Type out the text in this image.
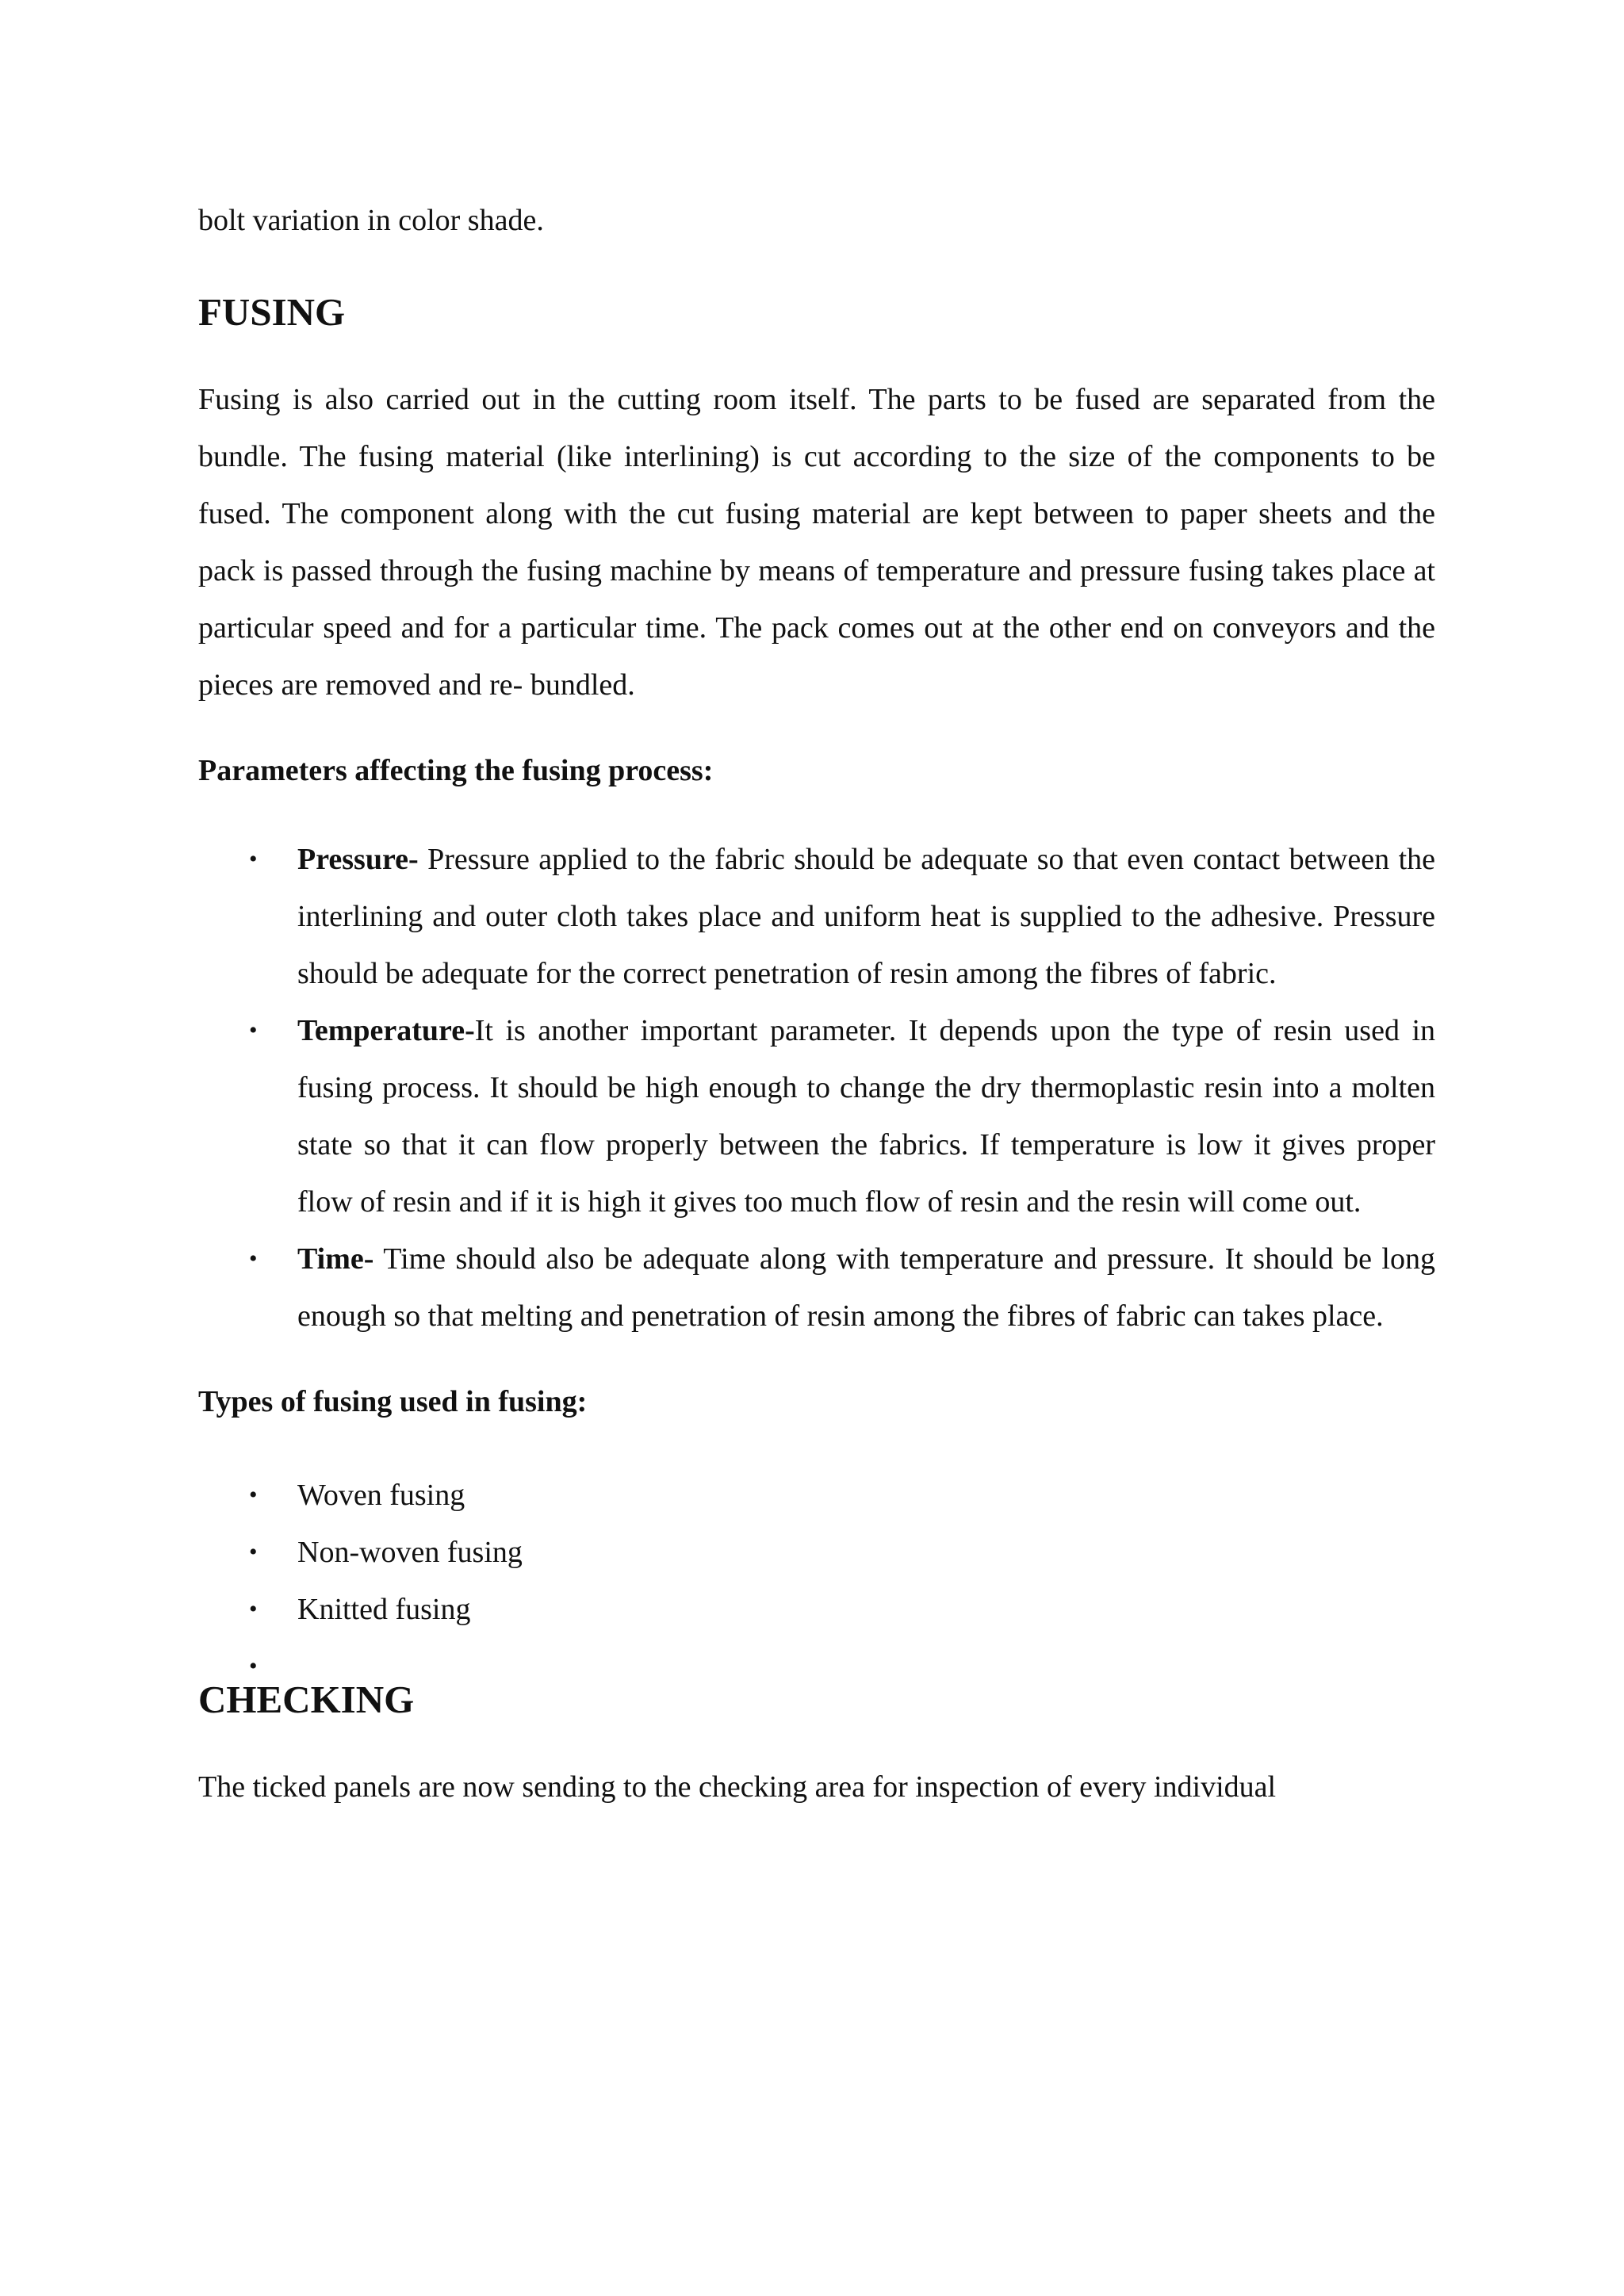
bolt variation in color shade.

FUSING

Fusing is also carried out in the cutting room itself. The parts to be fused are separated from the bundle. The fusing material (like interlining) is cut according to the size of the components to be fused. The component along with the cut fusing material are kept between to paper sheets and the pack is passed through the fusing machine by means of temperature and pressure fusing takes place at particular speed and for a particular time. The pack comes out at the other end on conveyors and the pieces are removed and re- bundled.

Parameters affecting the fusing process:
• Pressure- Pressure applied to the fabric should be adequate so that even contact between the interlining and outer cloth takes place and uniform heat is supplied to the adhesive. Pressure should be adequate for the correct penetration of resin among the fibres of fabric.
• Temperature-It is another important parameter. It depends upon the type of resin used in fusing process. It should be high enough to change the dry thermoplastic resin into a molten state so that it can flow properly between the fabrics. If temperature is low it gives proper flow of resin and if it is high it gives too much flow of resin and the resin will come out.
• Time- Time should also be adequate along with temperature and pressure. It should be long enough so that melting and penetration of resin among the fibres of fabric can takes place.
Types of fusing used in fusing:
• Woven fusing
• Non-woven fusing
• Knitted fusing
•
CHECKING

The ticked panels are now sending to the checking area for inspection of every individual
